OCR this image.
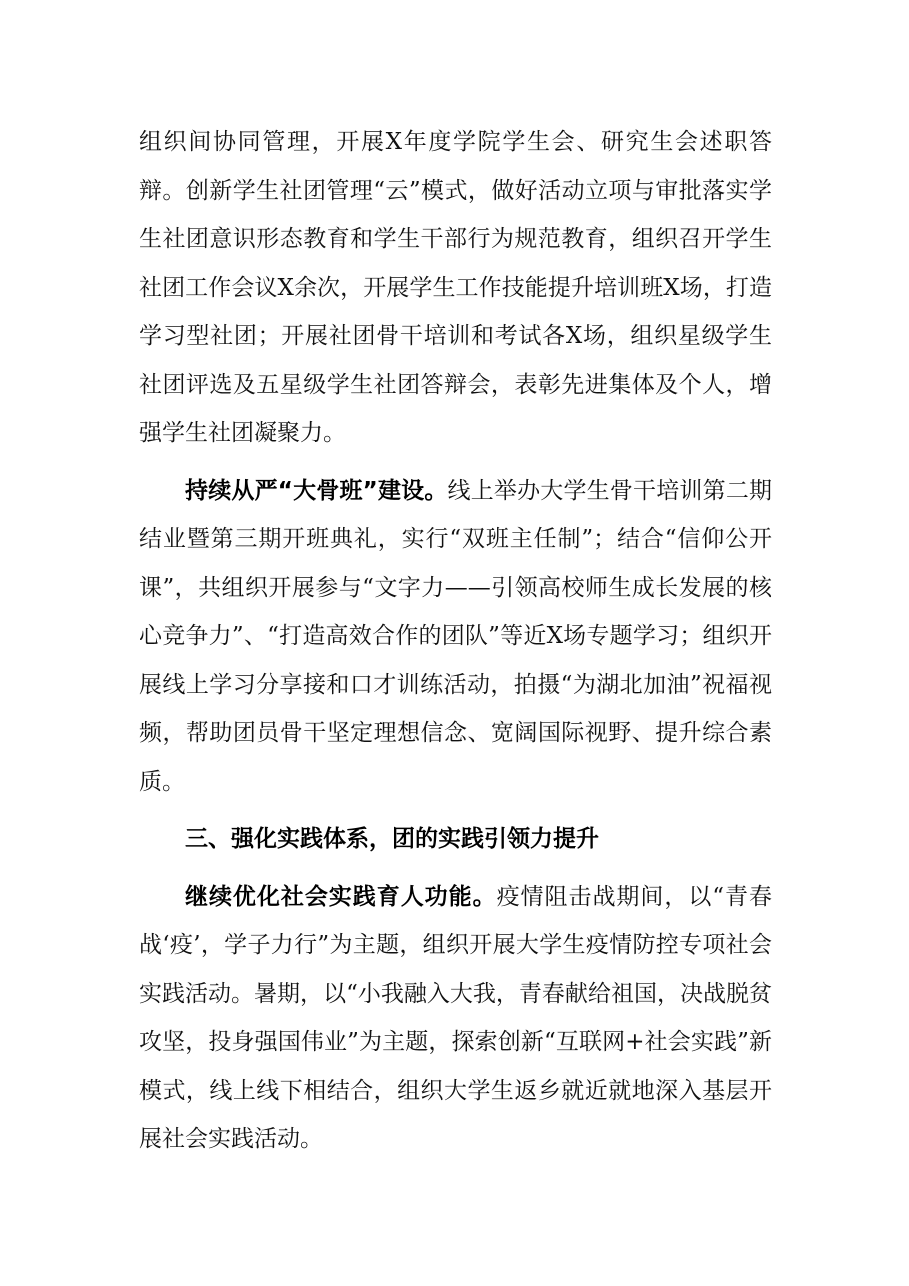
组织间协同管理，开展X年度学院学生会、研究生会述职答辩。创新学生社团管理“云”模式，做好活动立项与审批落实学生社团意识形态教育和学生干部行为规范教育，组织召开学生社团工作会议X余次，开展学生工作技能提升培训班X场，打造学习型社团；开展社团骨干培训和考试各X场，组织星级学生社团评选及五星级学生社团答辩会，表彰先进集体及个人，增强学生社团凝聚力。

持续从严“大骨班”建设。线上举办大学生骨干培训第二期结业暨第三期开班典礼，实行“双班主任制”；结合“信仰公开课”，共组织开展参与“文字力——引领高校师生成长发展的核心竞争力”、“打造高效合作的团队”等近X场专题学习；组织开展线上学习分享接和口才训练活动，拍摄“为湖北加油”祝福视频，帮助团员骨干坚定理想信念、宽阔国际视野、提升综合素质。

三、强化实践体系，团的实践引领力提升

继续优化社会实践育人功能。疫情阻击战期间，以“青春战‘疫’，学子力行”为主题，组织开展大学生疫情防控专项社会实践活动。暑期，以“小我融入大我，青春献给祖国，决战脱贫攻坚，投身强国伟业”为主题，探索创新“互联网+社会实践”新模式，线上线下相结合，组织大学生返乡就近就地深入基层开展社会实践活动。
